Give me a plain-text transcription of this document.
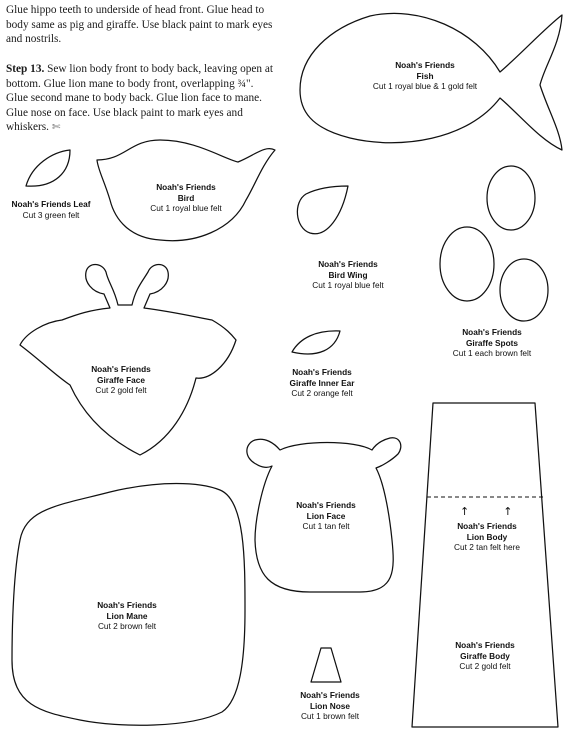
Glue hippo teeth to underside of head front. Glue head to body same as pig and giraffe. Use black paint to mark eyes and nostrils.

Step 13. Sew lion body front to body back, leaving open at bottom. Glue lion mane to body front, overlapping ¾". Glue second mane to body back. Glue lion face to mane. Glue nose on face. Use black paint to mark eyes and whiskers. ✄

Noah's Friends
Fish
Cut 1 royal blue & 1 gold felt
Noah's Friends Leaf
Cut 3 green felt
Noah's Friends
Bird
Cut 1 royal blue felt
Noah's Friends
Bird Wing
Cut 1 royal blue felt
Noah's Friends
Giraffe Spots
Cut 1 each brown felt
Noah's Friends
Giraffe Face
Cut 2 gold felt
Noah's Friends
Giraffe Inner Ear
Cut 2 orange felt
Noah's Friends
Lion Face
Cut 1 tan felt
↑	↑
Noah's Friends
Lion Body
Cut 2 tan felt here
Noah's Friends
Lion Mane
Cut 2 brown felt
Noah's Friends
Giraffe Body
Cut 2 gold felt
Noah's Friends
Lion Nose
Cut 1 brown felt
